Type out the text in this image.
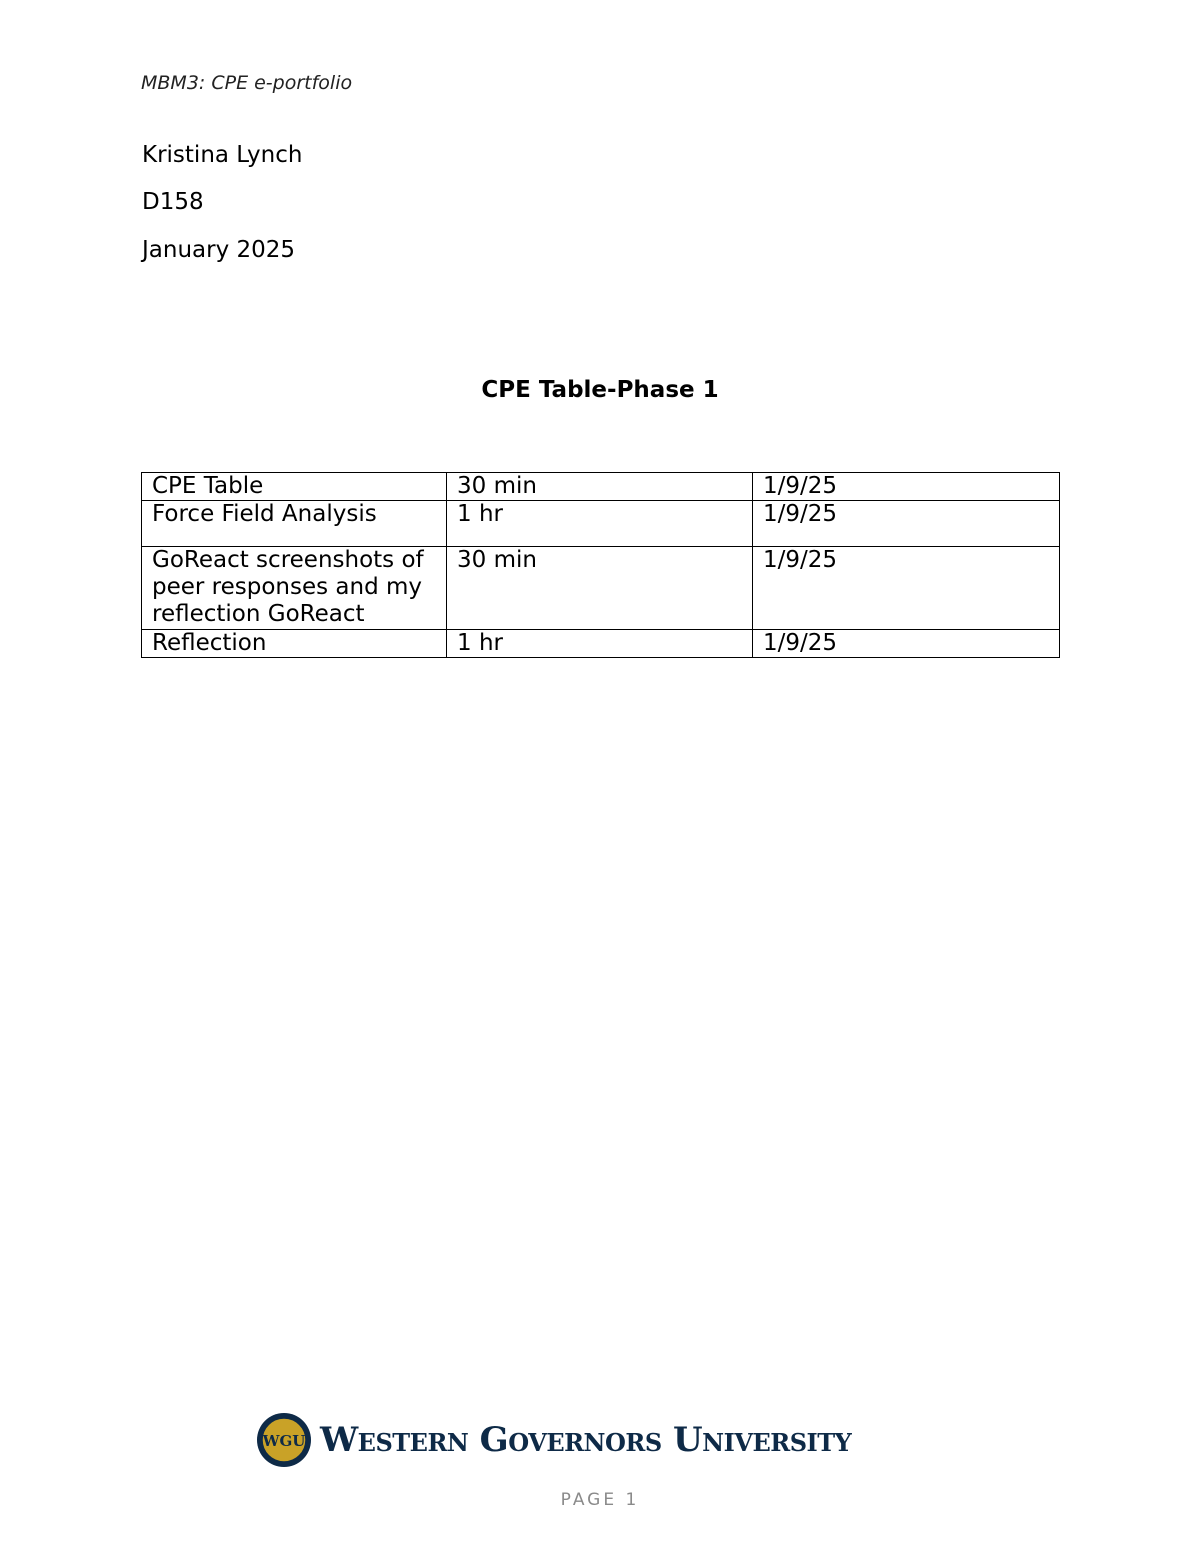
MBM3: CPE e-portfolio
Kristina Lynch
D158
January 2025
CPE Table-Phase 1
CPE Table	30 min	1/9/25
Force Field Analysis	1 hr	1/9/25
GoReact screenshots of peer responses and my reflection GoReact	30 min	1/9/25
Reflection	1 hr	1/9/25
WGU Western Governors University
PAGE 1
